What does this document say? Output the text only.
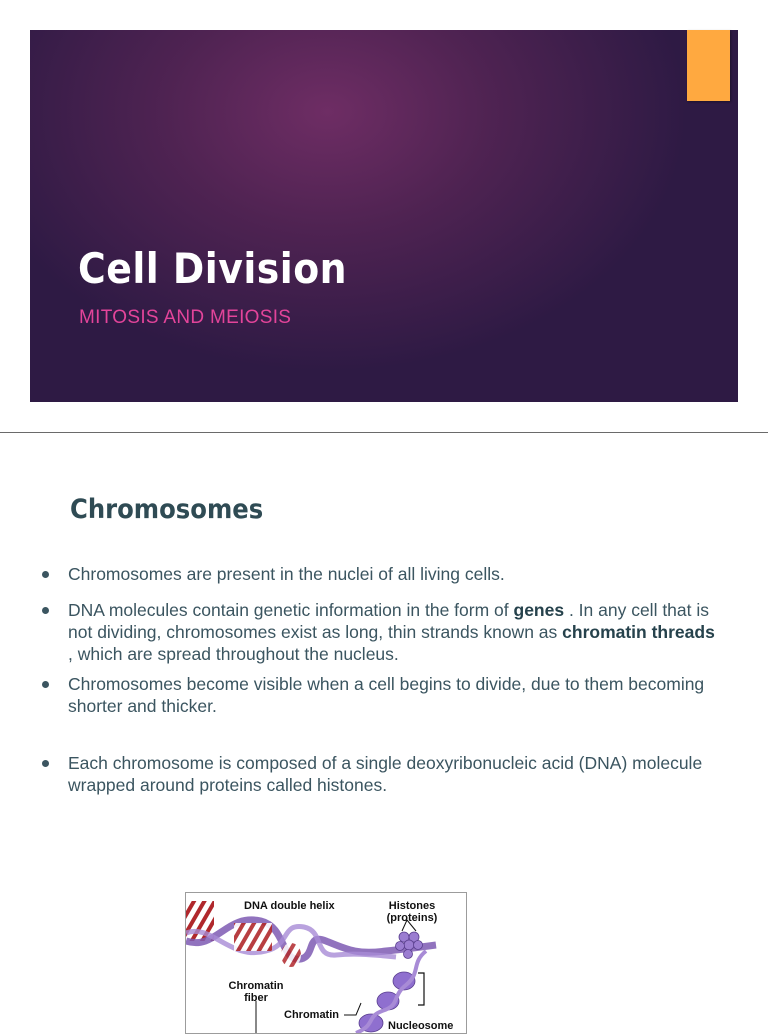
Cell Division

MITOSIS AND MEIOSIS

Chromosomes
Chromosomes are present in the nuclei of all living cells.
DNA molecules contain genetic information in the form of genes . In any cell that is not dividing, chromosomes exist as long, thin strands known as chromatin threads   , which are spread throughout the nucleus.
Chromosomes become visible when a cell begins to divide, due to them becoming shorter and thicker.
Each chromosome is composed of a single deoxyribonucleic acid (DNA) molecule wrapped around proteins called histones.
DNA double helix	Histones
(proteins)
Chromatin
fiber
Chromatin
Nucleosome
